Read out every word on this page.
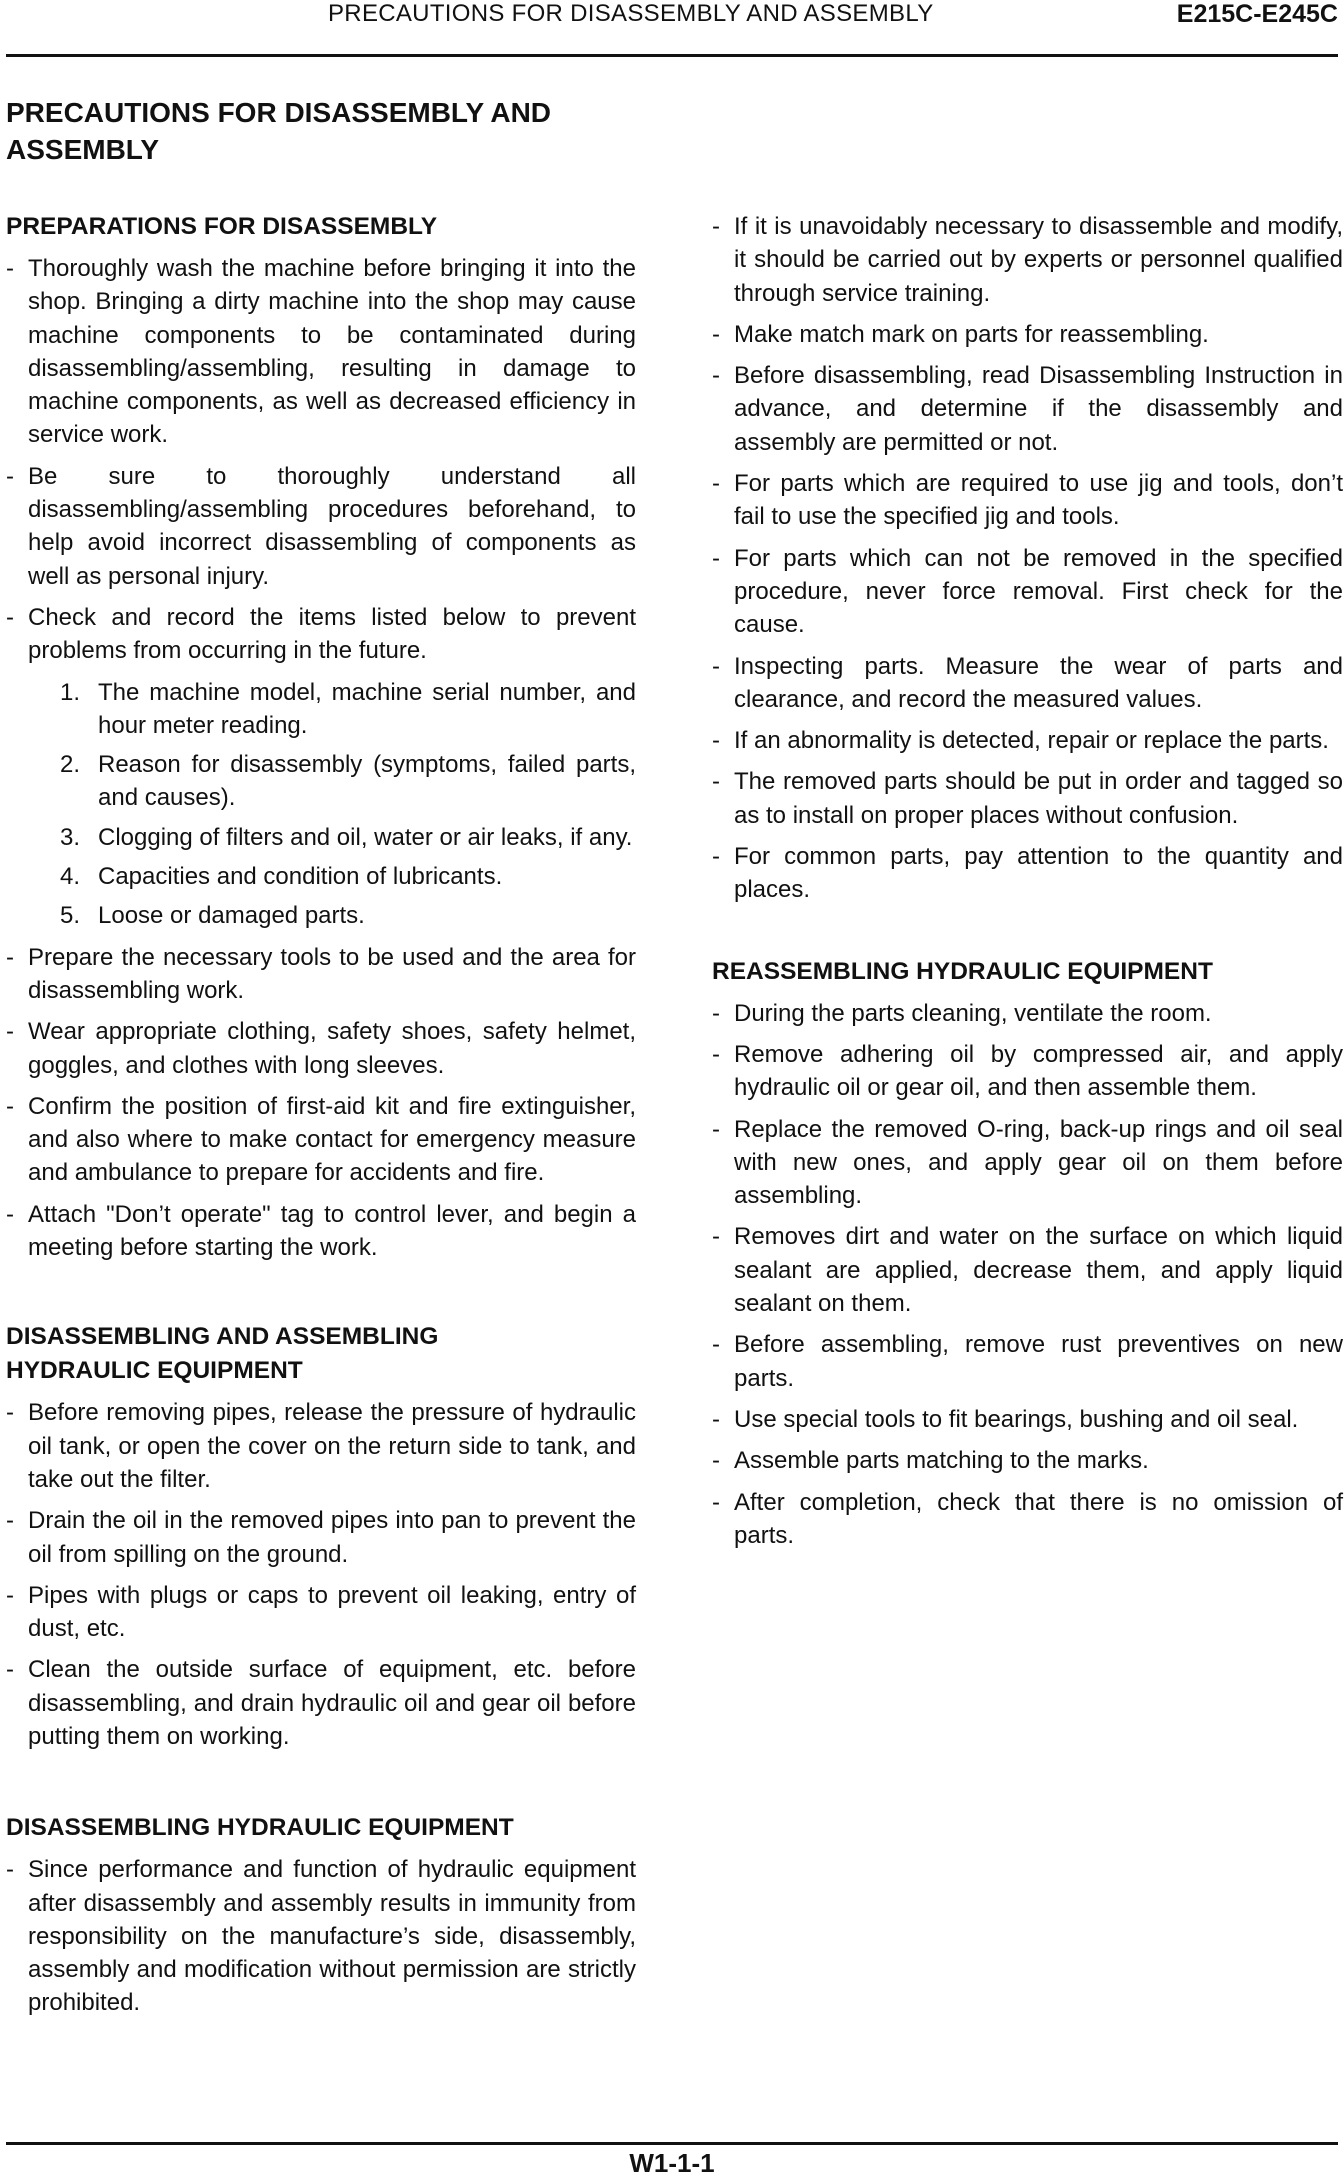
PRECAUTIONS FOR DISASSEMBLY AND ASSEMBLY	E215C-E245C
PRECAUTIONS FOR DISASSEMBLY AND ASSEMBLY
PREPARATIONS FOR DISASSEMBLY
- Thoroughly wash the machine before bringing it into the shop. Bringing a dirty machine into the shop may cause machine components to be contaminated during disassembling/assembling, resulting in damage to machine components, as well as decreased efficiency in service work.
- Be sure to thoroughly understand all disassembling/assembling procedures beforehand, to help avoid incorrect disassembling of components as well as personal injury.
- Check and record the items listed below to prevent problems from occurring in the future.
1. The machine model, machine serial number, and hour meter reading.
2. Reason for disassembly (symptoms, failed parts, and causes).
3. Clogging of filters and oil, water or air leaks, if any.
4. Capacities and condition of lubricants.
5. Loose or damaged parts.
- Prepare the necessary tools to be used and the area for disassembling work.
- Wear appropriate clothing, safety shoes, safety helmet, goggles, and clothes with long sleeves.
- Confirm the position of first-aid kit and fire extinguisher, and also where to make contact for emergency measure and ambulance to prepare for accidents and fire.
- Attach "Don’t operate" tag to control lever, and begin a meeting before starting the work.
DISASSEMBLING AND ASSEMBLING
HYDRAULIC EQUIPMENT
- Before removing pipes, release the pressure of hydraulic oil tank, or open the cover on the return side to tank, and take out the filter.
- Drain the oil in the removed pipes into pan to prevent the oil from spilling on the ground.
- Pipes with plugs or caps to prevent oil leaking, entry of dust, etc.
- Clean the outside surface of equipment, etc. before disassembling, and drain hydraulic oil and gear oil before putting them on working.
DISASSEMBLING HYDRAULIC EQUIPMENT
- Since performance and function of hydraulic equipment after disassembly and assembly results in immunity from responsibility on the manufacture’s side, disassembly, assembly and modification without permission are strictly prohibited.
- If it is unavoidably necessary to disassemble and modify, it should be carried out by experts or personnel qualified through service training.
- Make match mark on parts for reassembling.
- Before disassembling, read Disassembling Instruction in advance, and determine if the disassembly and assembly are permitted or not.
- For parts which are required to use jig and tools, don’t fail to use the specified jig and tools.
- For parts which can not be removed in the specified procedure, never force removal. First check for the cause.
- Inspecting parts. Measure the wear of parts and clearance, and record the measured values.
- If an abnormality is detected, repair or replace the parts.
- The removed parts should be put in order and tagged so as to install on proper places without confusion.
- For common parts, pay attention to the quantity and places.
REASSEMBLING HYDRAULIC EQUIPMENT
- During the parts cleaning, ventilate the room.
- Remove adhering oil by compressed air, and apply hydraulic oil or gear oil, and then assemble them.
- Replace the removed O-ring, back-up rings and oil seal with new ones, and apply gear oil on them before assembling.
- Removes dirt and water on the surface on which liquid sealant are applied, decrease them, and apply liquid sealant on them.
- Before assembling, remove rust preventives on new parts.
- Use special tools to fit bearings, bushing and oil seal.
- Assemble parts matching to the marks.
- After completion, check that there is no omission of parts.
W1-1-1
